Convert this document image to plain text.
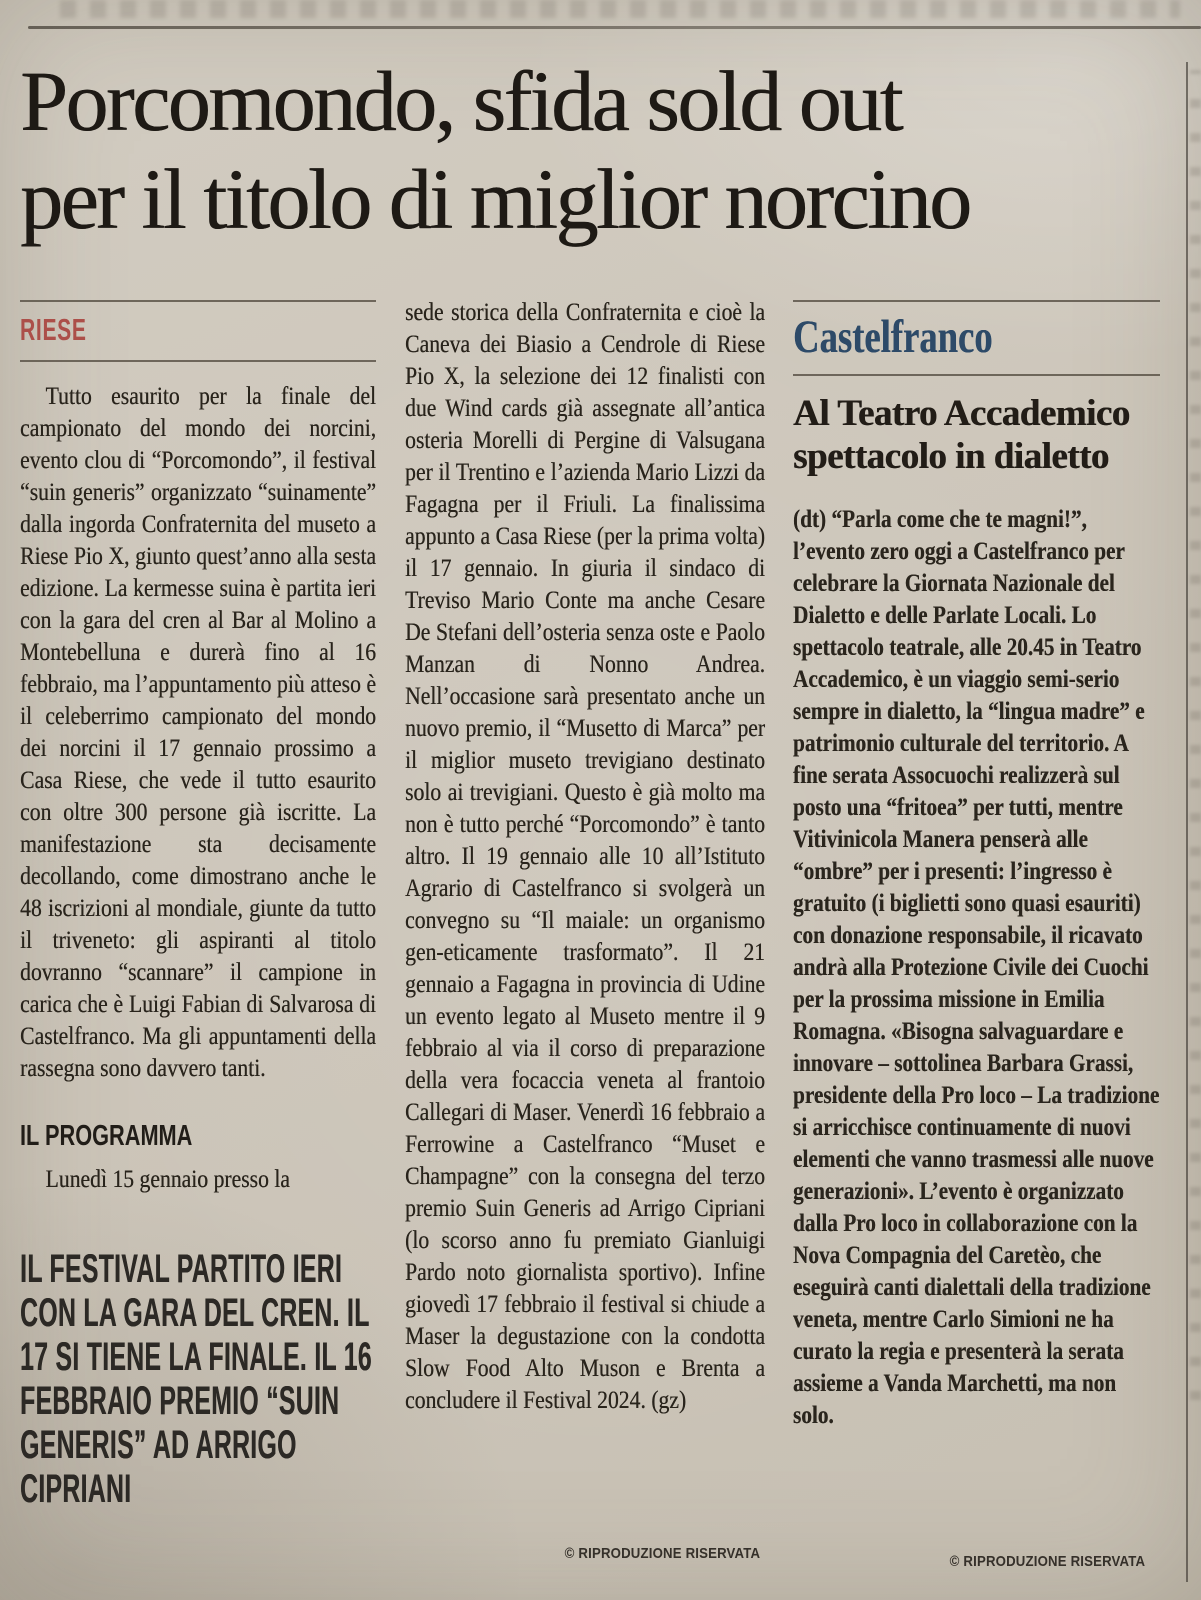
Porcomondo, sfida sold out
per il titolo di miglior norcino
RIESE

Tutto esaurito per la finale del campionato del mondo dei norcini, evento clou di “Porcomondo”, il festival “suin generis” organizzato “suinamente” dalla ingorda Confraternita del museto a Riese Pio X, giunto quest’anno alla sesta edizione. La kermesse suina è partita ieri con la gara del cren al Bar al Molino a Montebelluna e durerà fino al 16 febbraio, ma l’appuntamento più atteso è il celeberrimo campionato del mondo dei norcini il 17 gennaio prossimo a Casa Riese, che vede il tutto esaurito con oltre 300 persone già iscritte. La manifestazione sta decisamente decollando, come dimostrano anche le 48 iscrizioni al mondiale, giunte da tutto il triveneto: gli aspiranti al titolo dovranno “scannare” il campione in carica che è Luigi Fabian di Salvarosa di Castelfranco. Ma gli appuntamenti della rassegna sono davvero tanti.

IL PROGRAMMA

Lunedì 15 gennaio presso la

IL FESTIVAL PARTITO IERI CON LA GARA DEL CREN. IL 17 SI TIENE LA FINALE. IL 16 FEBBRAIO PREMIO “SUIN GENERIS” AD ARRIGO CIPRIANI

sede storica della Confraternita e cioè la Caneva dei Biasio a Cendrole di Riese Pio X, la selezione dei 12 finalisti con due Wind cards già assegnate all’antica osteria Morelli di Pergine di Valsugana per il Trentino e l’azienda Mario Lizzi da Fagagna per il Friuli. La finalissima appunto a Casa Riese (per la prima volta) il 17 gennaio. In giuria il sindaco di Treviso Mario Conte ma anche Cesare De Stefani dell’osteria senza oste e Paolo Manzan di Nonno Andrea. Nell’occasione sarà presentato anche un nuovo premio, il “Musetto di Marca” per il miglior museto trevigiano destinato solo ai trevigiani. Questo è già molto ma non è tutto perché “Porcomondo” è tanto altro. Il 19 gennaio alle 10 all’Istituto Agrario di Castelfranco si svolgerà un convegno su “Il maiale: un organismo gen-eticamente trasformato”. Il 21 gennaio a Fagagna in provincia di Udine un evento legato al Museto mentre il 9 febbraio al via il corso di preparazione della vera focaccia veneta al frantoio Callegari di Maser. Venerdì 16 febbraio a Ferrowine a Castelfranco “Muset e Champagne” con la consegna del terzo premio Suin Generis ad Arrigo Cipriani (lo scorso anno fu premiato Gianluigi Pardo noto giornalista sportivo). Infine giovedì 17 febbraio il festival si chiude a Maser la degustazione con la condotta Slow Food Alto Muson e Brenta a concludere il Festival 2024. (gz)

Castelfranco
Al Teatro Accademico
spettacolo in dialetto

(dt) “Parla come che te magni!”, l’evento zero oggi a Castelfranco per celebrare la Giornata Nazionale del Dialetto e delle Parlate Locali. Lo spettacolo teatrale, alle 20.45 in Teatro Accademico, è un viaggio semi-serio sempre in dialetto, la “lingua madre” e patrimonio culturale del territorio. A fine serata Assocuochi realizzerà sul posto una “fritoea” per tutti, mentre Vitivinicola Manera penserà alle “ombre” per i presenti: l’ingresso è gratuito (i biglietti sono quasi esauriti) con donazione responsabile, il ricavato andrà alla Protezione Civile dei Cuochi per la prossima missione in Emilia Romagna. «Bisogna salvaguardare e innovare – sottolinea Barbara Grassi, presidente della Pro loco – La tradizione si arricchisce continuamente di nuovi elementi che vanno trasmessi alle nuove generazioni». L’evento è organizzato dalla Pro loco in collaborazione con la Nova Compagnia del Caretèo, che eseguirà canti dialettali della tradizione veneta, mentre Carlo Simioni ne ha curato la regia e presenterà la serata assieme a Vanda Marchetti, ma non solo.

© RIPRODUZIONE RISERVATA	© RIPRODUZIONE RISERVATA
